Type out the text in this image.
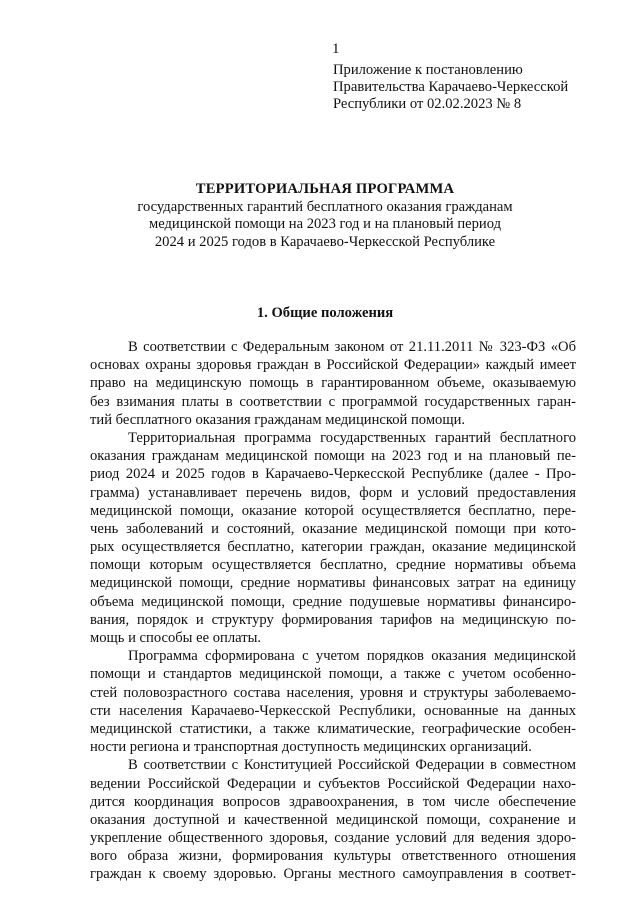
1
Приложение к постановлению
Правительства Карачаево-Черкесской
Республики от 02.02.2023 № 8
ТЕРРИТОРИАЛЬНАЯ ПРОГРАММА
государственных гарантий бесплатного оказания гражданам
медицинской помощи на 2023 год и на плановый период
2024 и 2025 годов в Карачаево-Черкесской Республике
1. Общие положения
В соответствии с Федеральным законом от 21.11.2011 № 323-ФЗ «Об
основах охраны здоровья граждан в Российской Федерации» каждый имеет
право на медицинскую помощь в гарантированном объеме, оказываемую
без взимания платы в соответствии с программой государственных гаран-
тий бесплатного оказания гражданам медицинской помощи.
Территориальная программа государственных гарантий бесплатного
оказания гражданам медицинской помощи на 2023 год и на плановый пе-
риод 2024 и 2025 годов в Карачаево-Черкесской Республике (далее - Про-
грамма) устанавливает перечень видов, форм и условий предоставления
медицинской помощи, оказание которой осуществляется бесплатно, пере-
чень заболеваний и состояний, оказание медицинской помощи при кото-
рых осуществляется бесплатно, категории граждан, оказание медицинской
помощи которым осуществляется бесплатно, средние нормативы объема
медицинской помощи, средние нормативы финансовых затрат на единицу
объема медицинской помощи, средние подушевые нормативы финансиро-
вания, порядок и структуру формирования тарифов на медицинскую по-
мощь и способы ее оплаты.
Программа сформирована с учетом порядков оказания медицинской
помощи и стандартов медицинской помощи, а также с учетом особенно-
стей половозрастного состава населения, уровня и структуры заболеваемо-
сти населения Карачаево-Черкесской Республики, основанные на данных
медицинской статистики, а также климатические, географические особен-
ности региона и транспортная доступность медицинских организаций.
В соответствии с Конституцией Российской Федерации в совместном
ведении Российской Федерации и субъектов Российской Федерации нахо-
дится координация вопросов здравоохранения, в том числе обеспечение
оказания доступной и качественной медицинской помощи, сохранение и
укрепление общественного здоровья, создание условий для ведения здоро-
вого образа жизни, формирования культуры ответственного отношения
граждан к своему здоровью. Органы местного самоуправления в соответ-
